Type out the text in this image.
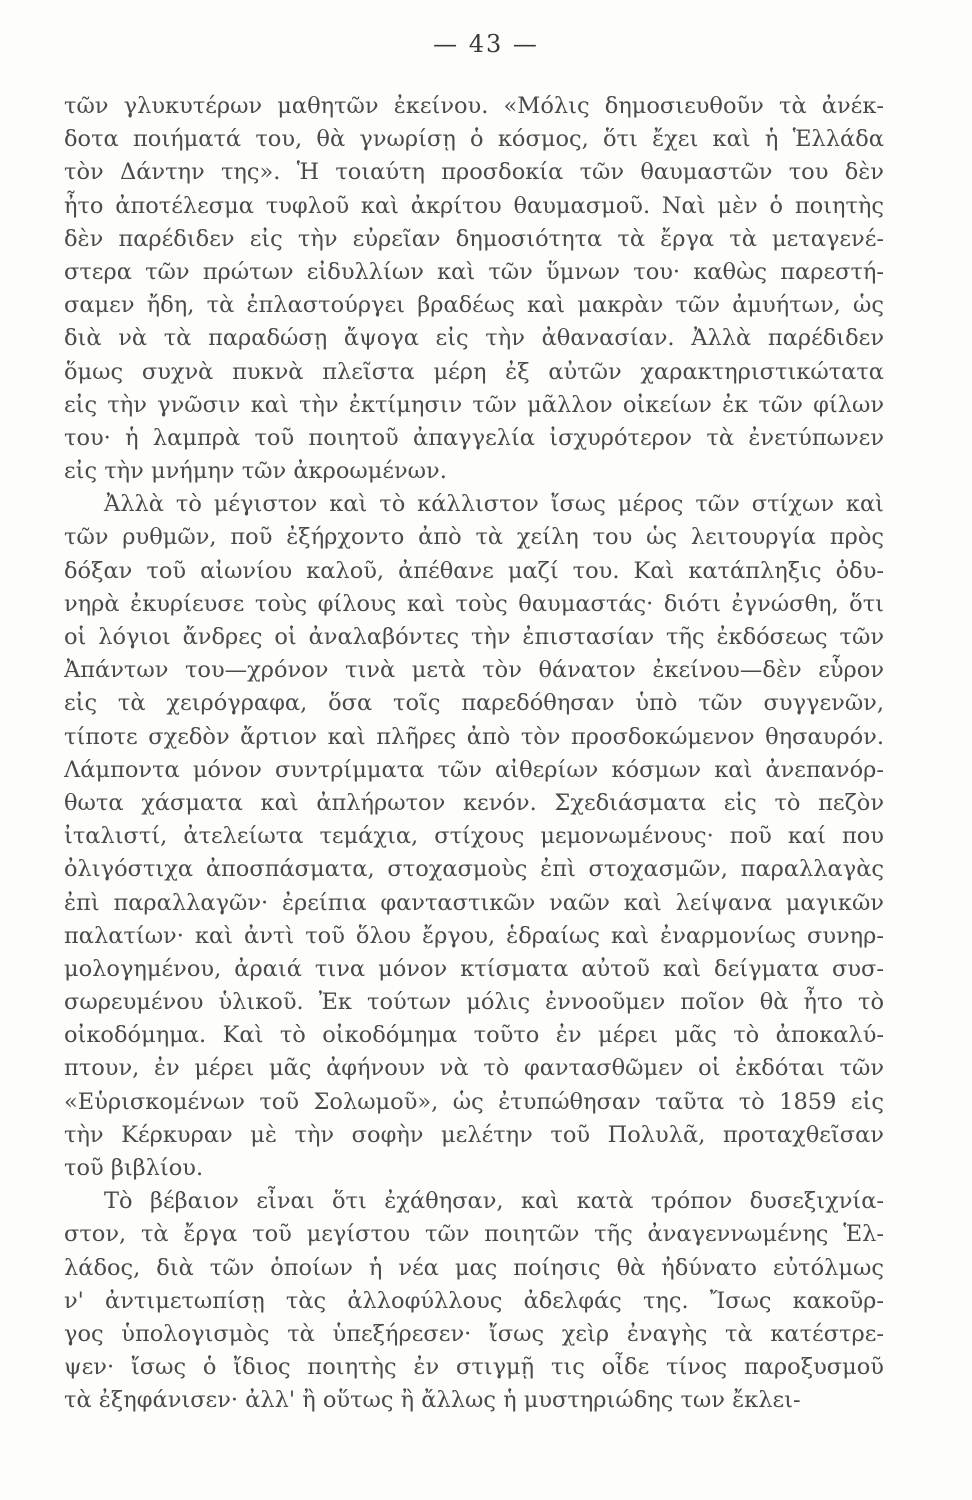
— 43 —
τῶν γλυκυτέρων μαθητῶν ἐκείνου. «Μόλις δημοσιευθοῦν τὰ ἀνέκ-
δοτα ποιήματά του, θὰ γνωρίσῃ ὁ κόσμος, ὅτι ἔχει καὶ ἡ Ἑλλάδα
τὸν Δάντην της». Ἡ τοιαύτη προσδοκία τῶν θαυμαστῶν του δὲν
ἦτο ἀποτέλεσμα τυφλοῦ καὶ ἀκρίτου θαυμασμοῦ. Ναὶ μὲν ὁ ποιητὴς
δὲν παρέδιδεν εἰς τὴν εὐρεῖαν δημοσιότητα τὰ ἔργα τὰ μεταγενέ-
στερα τῶν πρώτων εἰδυλλίων καὶ τῶν ὕμνων του· καθὼς παρεστή-
σαμεν ἤδη, τὰ ἐπλαστούργει βραδέως καὶ μακρὰν τῶν ἀμυήτων, ὡς
διὰ νὰ τὰ παραδώσῃ ἄψογα εἰς τὴν ἀθανασίαν. Ἀλλὰ παρέδιδεν
ὅμως συχνὰ πυκνὰ πλεῖστα μέρη ἐξ αὐτῶν χαρακτηριστικώτατα
εἰς τὴν γνῶσιν καὶ τὴν ἐκτίμησιν τῶν μᾶλλον οἰκείων ἐκ τῶν φίλων
του· ἡ λαμπρὰ τοῦ ποιητοῦ ἀπαγγελία ἰσχυρότερον τὰ ἐνετύπωνεν
εἰς τὴν μνήμην τῶν ἀκροωμένων.
Ἀλλὰ τὸ μέγιστον καὶ τὸ κάλλιστον ἴσως μέρος τῶν στίχων καὶ
τῶν ρυθμῶν, ποῦ ἐξήρχοντο ἀπὸ τὰ χείλη του ὡς λειτουργία πρὸς
δόξαν τοῦ αἰωνίου καλοῦ, ἀπέθανε μαζί του. Καὶ κατάπληξις ὀδυ-
νηρὰ ἐκυρίευσε τοὺς φίλους καὶ τοὺς θαυμαστάς· διότι ἐγνώσθη, ὅτι
οἱ λόγιοι ἄνδρες οἱ ἀναλαβόντες τὴν ἐπιστασίαν τῆς ἐκδόσεως τῶν
Ἀπάντων του—χρόνον τινὰ μετὰ τὸν θάνατον ἐκείνου—δὲν εὗρον
εἰς τὰ χειρόγραφα, ὅσα τοῖς παρεδόθησαν ὑπὸ τῶν συγγενῶν,
τίποτε σχεδὸν ἄρτιον καὶ πλῆρες ἀπὸ τὸν προσδοκώμενον θησαυρόν.
Λάμποντα μόνον συντρίμματα τῶν αἰθερίων κόσμων καὶ ἀνεπανόρ-
θωτα χάσματα καὶ ἀπλήρωτον κενόν. Σχεδιάσματα εἰς τὸ πεζὸν
ἰταλιστί, ἀτελείωτα τεμάχια, στίχους μεμονωμένους· ποῦ καί που
ὀλιγόστιχα ἀποσπάσματα, στοχασμοὺς ἐπὶ στοχασμῶν, παραλλαγὰς
ἐπὶ παραλλαγῶν· ἐρείπια φανταστικῶν ναῶν καὶ λείψανα μαγικῶν
παλατίων· καὶ ἀντὶ τοῦ ὅλου ἔργου, ἑδραίως καὶ ἐναρμονίως συνηρ-
μολογημένου, ἀραιά τινα μόνον κτίσματα αὐτοῦ καὶ δείγματα συσ-
σωρευμένου ὑλικοῦ. Ἐκ τούτων μόλις ἐννοοῦμεν ποῖον θὰ ἦτο τὸ
οἰκοδόμημα. Καὶ τὸ οἰκοδόμημα τοῦτο ἐν μέρει μᾶς τὸ ἀποκαλύ-
πτουν, ἐν μέρει μᾶς ἀφήνουν νὰ τὸ φαντασθῶμεν οἱ ἐκδόται τῶν
«Εὑρισκομένων τοῦ Σολωμοῦ», ὡς ἐτυπώθησαν ταῦτα τὸ 1859 εἰς
τὴν Κέρκυραν μὲ τὴν σοφὴν μελέτην τοῦ Πολυλᾶ, προταχθεῖσαν
τοῦ βιβλίου.
Τὸ βέβαιον εἶναι ὅτι ἐχάθησαν, καὶ κατὰ τρόπον δυσεξιχνία-
στον, τὰ ἔργα τοῦ μεγίστου τῶν ποιητῶν τῆς ἀναγεννωμένης Ἑλ-
λάδος, διὰ τῶν ὁποίων ἡ νέα μας ποίησις θὰ ἠδύνατο εὐτόλμως
ν' ἀντιμετωπίσῃ τὰς ἀλλοφύλλους ἀδελφάς της. Ἴσως κακοῦρ-
γος ὑπολογισμὸς τὰ ὑπεξήρεσεν· ἴσως χεὶρ ἐναγὴς τὰ κατέστρε-
ψεν· ἴσως ὁ ἴδιος ποιητὴς ἐν στιγμῇ τις οἶδε τίνος παροξυσμοῦ
τὰ ἐξηφάνισεν· ἀλλ' ἢ οὕτως ἢ ἄλλως ἡ μυστηριώδης των ἔκλει-
